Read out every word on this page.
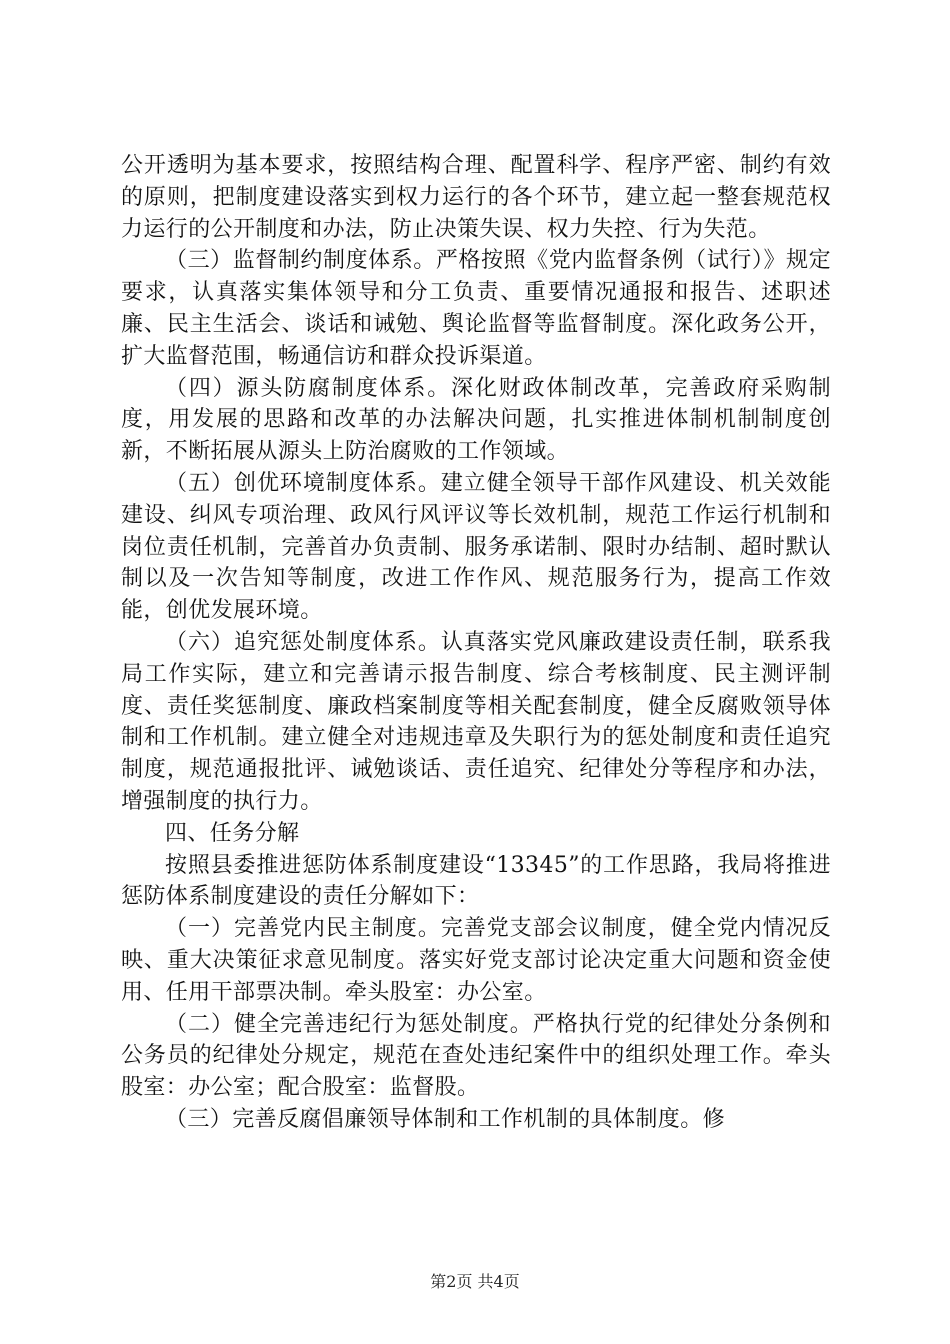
公开透明为基本要求，按照结构合理、配置科学、程序严密、制约有效的原则，把制度建设落实到权力运行的各个环节，建立起一整套规范权力运行的公开制度和办法，防止决策失误、权力失控、行为失范。

（三）监督制约制度体系。严格按照《党内监督条例（试行）》规定要求，认真落实集体领导和分工负责、重要情况通报和报告、述职述廉、民主生活会、谈话和诫勉、舆论监督等监督制度。深化政务公开，扩大监督范围，畅通信访和群众投诉渠道。

（四）源头防腐制度体系。深化财政体制改革，完善政府采购制度，用发展的思路和改革的办法解决问题，扎实推进体制机制制度创新，不断拓展从源头上防治腐败的工作领域。

（五）创优环境制度体系。建立健全领导干部作风建设、机关效能建设、纠风专项治理、政风行风评议等长效机制，规范工作运行机制和岗位责任机制，完善首办负责制、服务承诺制、限时办结制、超时默认制以及一次告知等制度，改进工作作风、规范服务行为，提高工作效能，创优发展环境。

（六）追究惩处制度体系。认真落实党风廉政建设责任制，联系我局工作实际，建立和完善请示报告制度、综合考核制度、民主测评制度、责任奖惩制度、廉政档案制度等相关配套制度，健全反腐败领导体制和工作机制。建立健全对违规违章及失职行为的惩处制度和责任追究制度，规范通报批评、诫勉谈话、责任追究、纪律处分等程序和办法，增强制度的执行力。

四、任务分解

按照县委推进惩防体系制度建设“13345”的工作思路，我局将推进惩防体系制度建设的责任分解如下：

（一）完善党内民主制度。完善党支部会议制度，健全党内情况反映、重大决策征求意见制度。落实好党支部讨论决定重大问题和资金使用、任用干部票决制。牵头股室：办公室。

（二）健全完善违纪行为惩处制度。严格执行党的纪律处分条例和公务员的纪律处分规定，规范在查处违纪案件中的组织处理工作。牵头股室：办公室；配合股室：监督股。

（三）完善反腐倡廉领导体制和工作机制的具体制度。修

第2页 共4页
